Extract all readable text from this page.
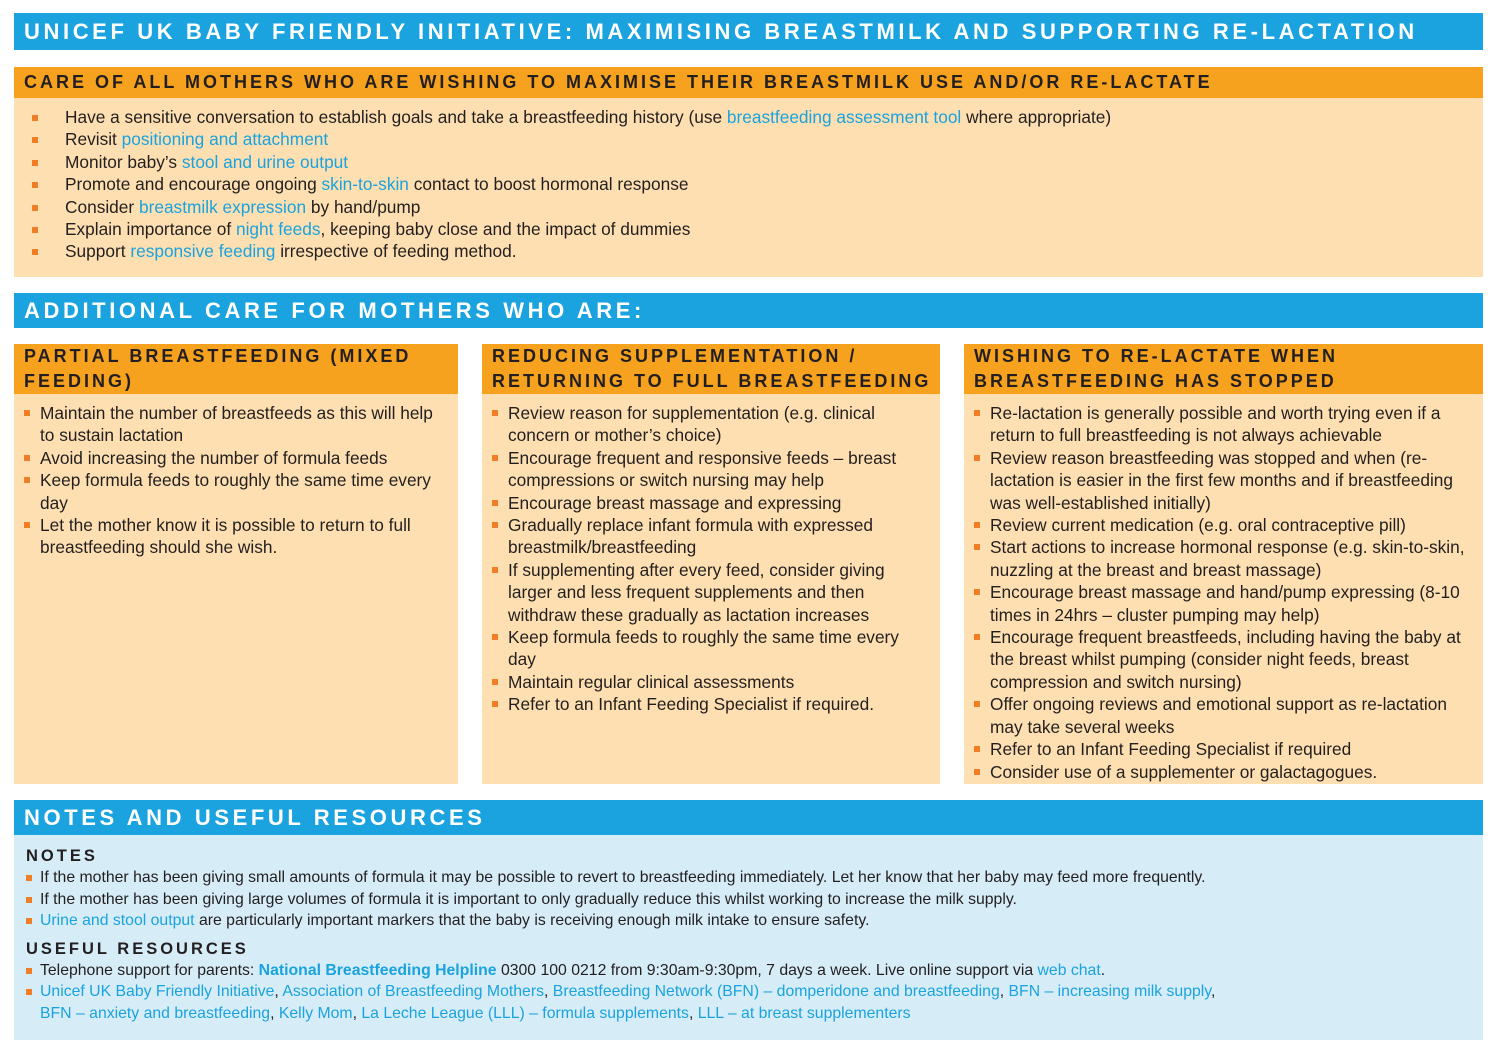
UNICEF UK BABY FRIENDLY INITIATIVE: MAXIMISING BREASTMILK AND SUPPORTING RE-LACTATION
CARE OF ALL MOTHERS WHO ARE WISHING TO MAXIMISE THEIR BREASTMILK USE AND/OR RE-LACTATE
Have a sensitive conversation to establish goals and take a breastfeeding history (use breastfeeding assessment tool where appropriate)
Revisit positioning and attachment
Monitor baby’s stool and urine output
Promote and encourage ongoing skin-to-skin contact to boost hormonal response
Consider breastmilk expression by hand/pump
Explain importance of night feeds, keeping baby close and the impact of dummies
Support responsive feeding irrespective of feeding method.
ADDITIONAL CARE FOR MOTHERS WHO ARE:
PARTIAL BREASTFEEDING (MIXED
FEEDING)
Maintain the number of breastfeeds as this will help to sustain lactation
Avoid increasing the number of formula feeds
Keep formula feeds to roughly the same time every day
Let the mother know it is possible to return to full breastfeeding should she wish.
REDUCING SUPPLEMENTATION /
RETURNING TO FULL BREASTFEEDING
Review reason for supplementation (e.g. clinical concern or mother’s choice)
Encourage frequent and responsive feeds – breast compressions or switch nursing may help
Encourage breast massage and expressing
Gradually replace infant formula with expressed breastmilk/breastfeeding
If supplementing after every feed, consider giving larger and less frequent supplements and then withdraw these gradually as lactation increases
Keep formula feeds to roughly the same time every day
Maintain regular clinical assessments
Refer to an Infant Feeding Specialist if required.
WISHING TO RE-LACTATE WHEN
BREASTFEEDING HAS STOPPED
Re-lactation is generally possible and worth trying even if a return to full breastfeeding is not always achievable
Review reason breastfeeding was stopped and when (re-lactation is easier in the first few months and if breastfeeding was well-established initially)
Review current medication (e.g. oral contraceptive pill)
Start actions to increase hormonal response (e.g. skin-to-skin, nuzzling at the breast and breast massage)
Encourage breast massage and hand/pump expressing (8-10 times in 24hrs – cluster pumping may help)
Encourage frequent breastfeeds, including having the baby at the breast whilst pumping (consider night feeds, breast compression and switch nursing)
Offer ongoing reviews and emotional support as re-lactation may take several weeks
Refer to an Infant Feeding Specialist if required
Consider use of a supplementer or galactagogues.
NOTES AND USEFUL RESOURCES
NOTES
If the mother has been giving small amounts of formula it may be possible to revert to breastfeeding immediately. Let her know that her baby may feed more frequently.
If the mother has been giving large volumes of formula it is important to only gradually reduce this whilst working to increase the milk supply.
Urine and stool output are particularly important markers that the baby is receiving enough milk intake to ensure safety.
USEFUL RESOURCES
Telephone support for parents: National Breastfeeding Helpline 0300 100 0212 from 9:30am-9:30pm, 7 days a week. Live online support via web chat.
Unicef UK Baby Friendly Initiative, Association of Breastfeeding Mothers, Breastfeeding Network (BFN) – domperidone and breastfeeding, BFN – increasing milk supply,
BFN – anxiety and breastfeeding, Kelly Mom, La Leche League (LLL) – formula supplements, LLL – at breast supplementers
